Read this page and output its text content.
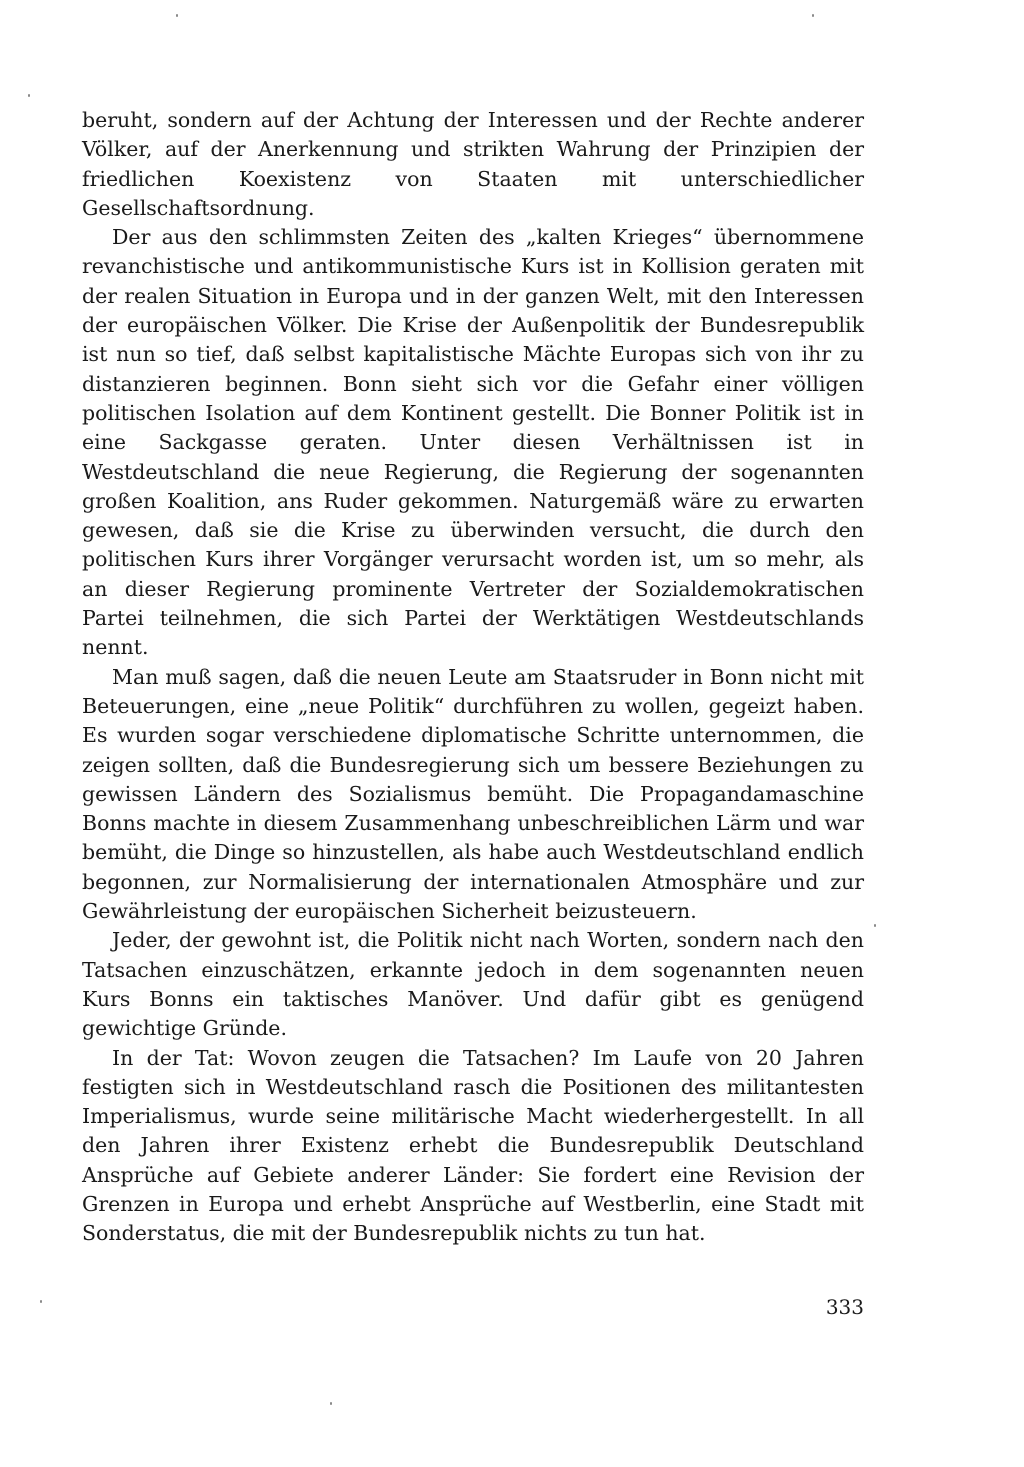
beruht, sondern auf der Achtung der Interessen und der Rechte anderer Völker, auf der Anerkennung und strikten Wahrung der Prinzipien der friedlichen Koexistenz von Staaten mit unterschiedlicher Gesellschaftsordnung.

Der aus den schlimmsten Zeiten des „kalten Krieges“ übernommene revanchistische und antikommunistische Kurs ist in Kollision geraten mit der realen Situation in Europa und in der ganzen Welt, mit den Interessen der europäischen Völker. Die Krise der Außenpolitik der Bundesrepublik ist nun so tief, daß selbst kapitalistische Mächte Europas sich von ihr zu distanzieren beginnen. Bonn sieht sich vor die Gefahr einer völligen politischen Isolation auf dem Kontinent gestellt. Die Bonner Politik ist in eine Sackgasse geraten. Unter diesen Verhältnissen ist in Westdeutschland die neue Regierung, die Regierung der sogenannten großen Koalition, ans Ruder gekommen. Naturgemäß wäre zu erwarten gewesen, daß sie die Krise zu überwinden versucht, die durch den politischen Kurs ihrer Vorgänger verursacht worden ist, um so mehr, als an dieser Regierung prominente Vertreter der Sozialdemokratischen Partei teilnehmen, die sich Partei der Werktätigen Westdeutschlands nennt.

Man muß sagen, daß die neuen Leute am Staatsruder in Bonn nicht mit Beteuerungen, eine „neue Politik“ durchführen zu wollen, gegeizt haben. Es wurden sogar verschiedene diplomatische Schritte unternommen, die zeigen sollten, daß die Bundesregierung sich um bessere Beziehungen zu gewissen Ländern des Sozialismus bemüht. Die Propagandamaschine Bonns machte in diesem Zusammenhang unbeschreiblichen Lärm und war bemüht, die Dinge so hinzustellen, als habe auch Westdeutschland endlich begonnen, zur Normalisierung der internationalen Atmosphäre und zur Gewährleistung der europäischen Sicherheit beizusteuern.

Jeder, der gewohnt ist, die Politik nicht nach Worten, sondern nach den Tatsachen einzuschätzen, erkannte jedoch in dem sogenannten neuen Kurs Bonns ein taktisches Manöver. Und dafür gibt es genügend gewichtige Gründe.

In der Tat: Wovon zeugen die Tatsachen? Im Laufe von 20 Jahren festigten sich in Westdeutschland rasch die Positionen des militantesten Imperialismus, wurde seine militärische Macht wiederhergestellt. In all den Jahren ihrer Existenz erhebt die Bundesrepublik Deutschland Ansprüche auf Gebiete anderer Länder: Sie fordert eine Revision der Grenzen in Europa und erhebt Ansprüche auf Westberlin, eine Stadt mit Sonderstatus, die mit der Bundesrepublik nichts zu tun hat.

333
